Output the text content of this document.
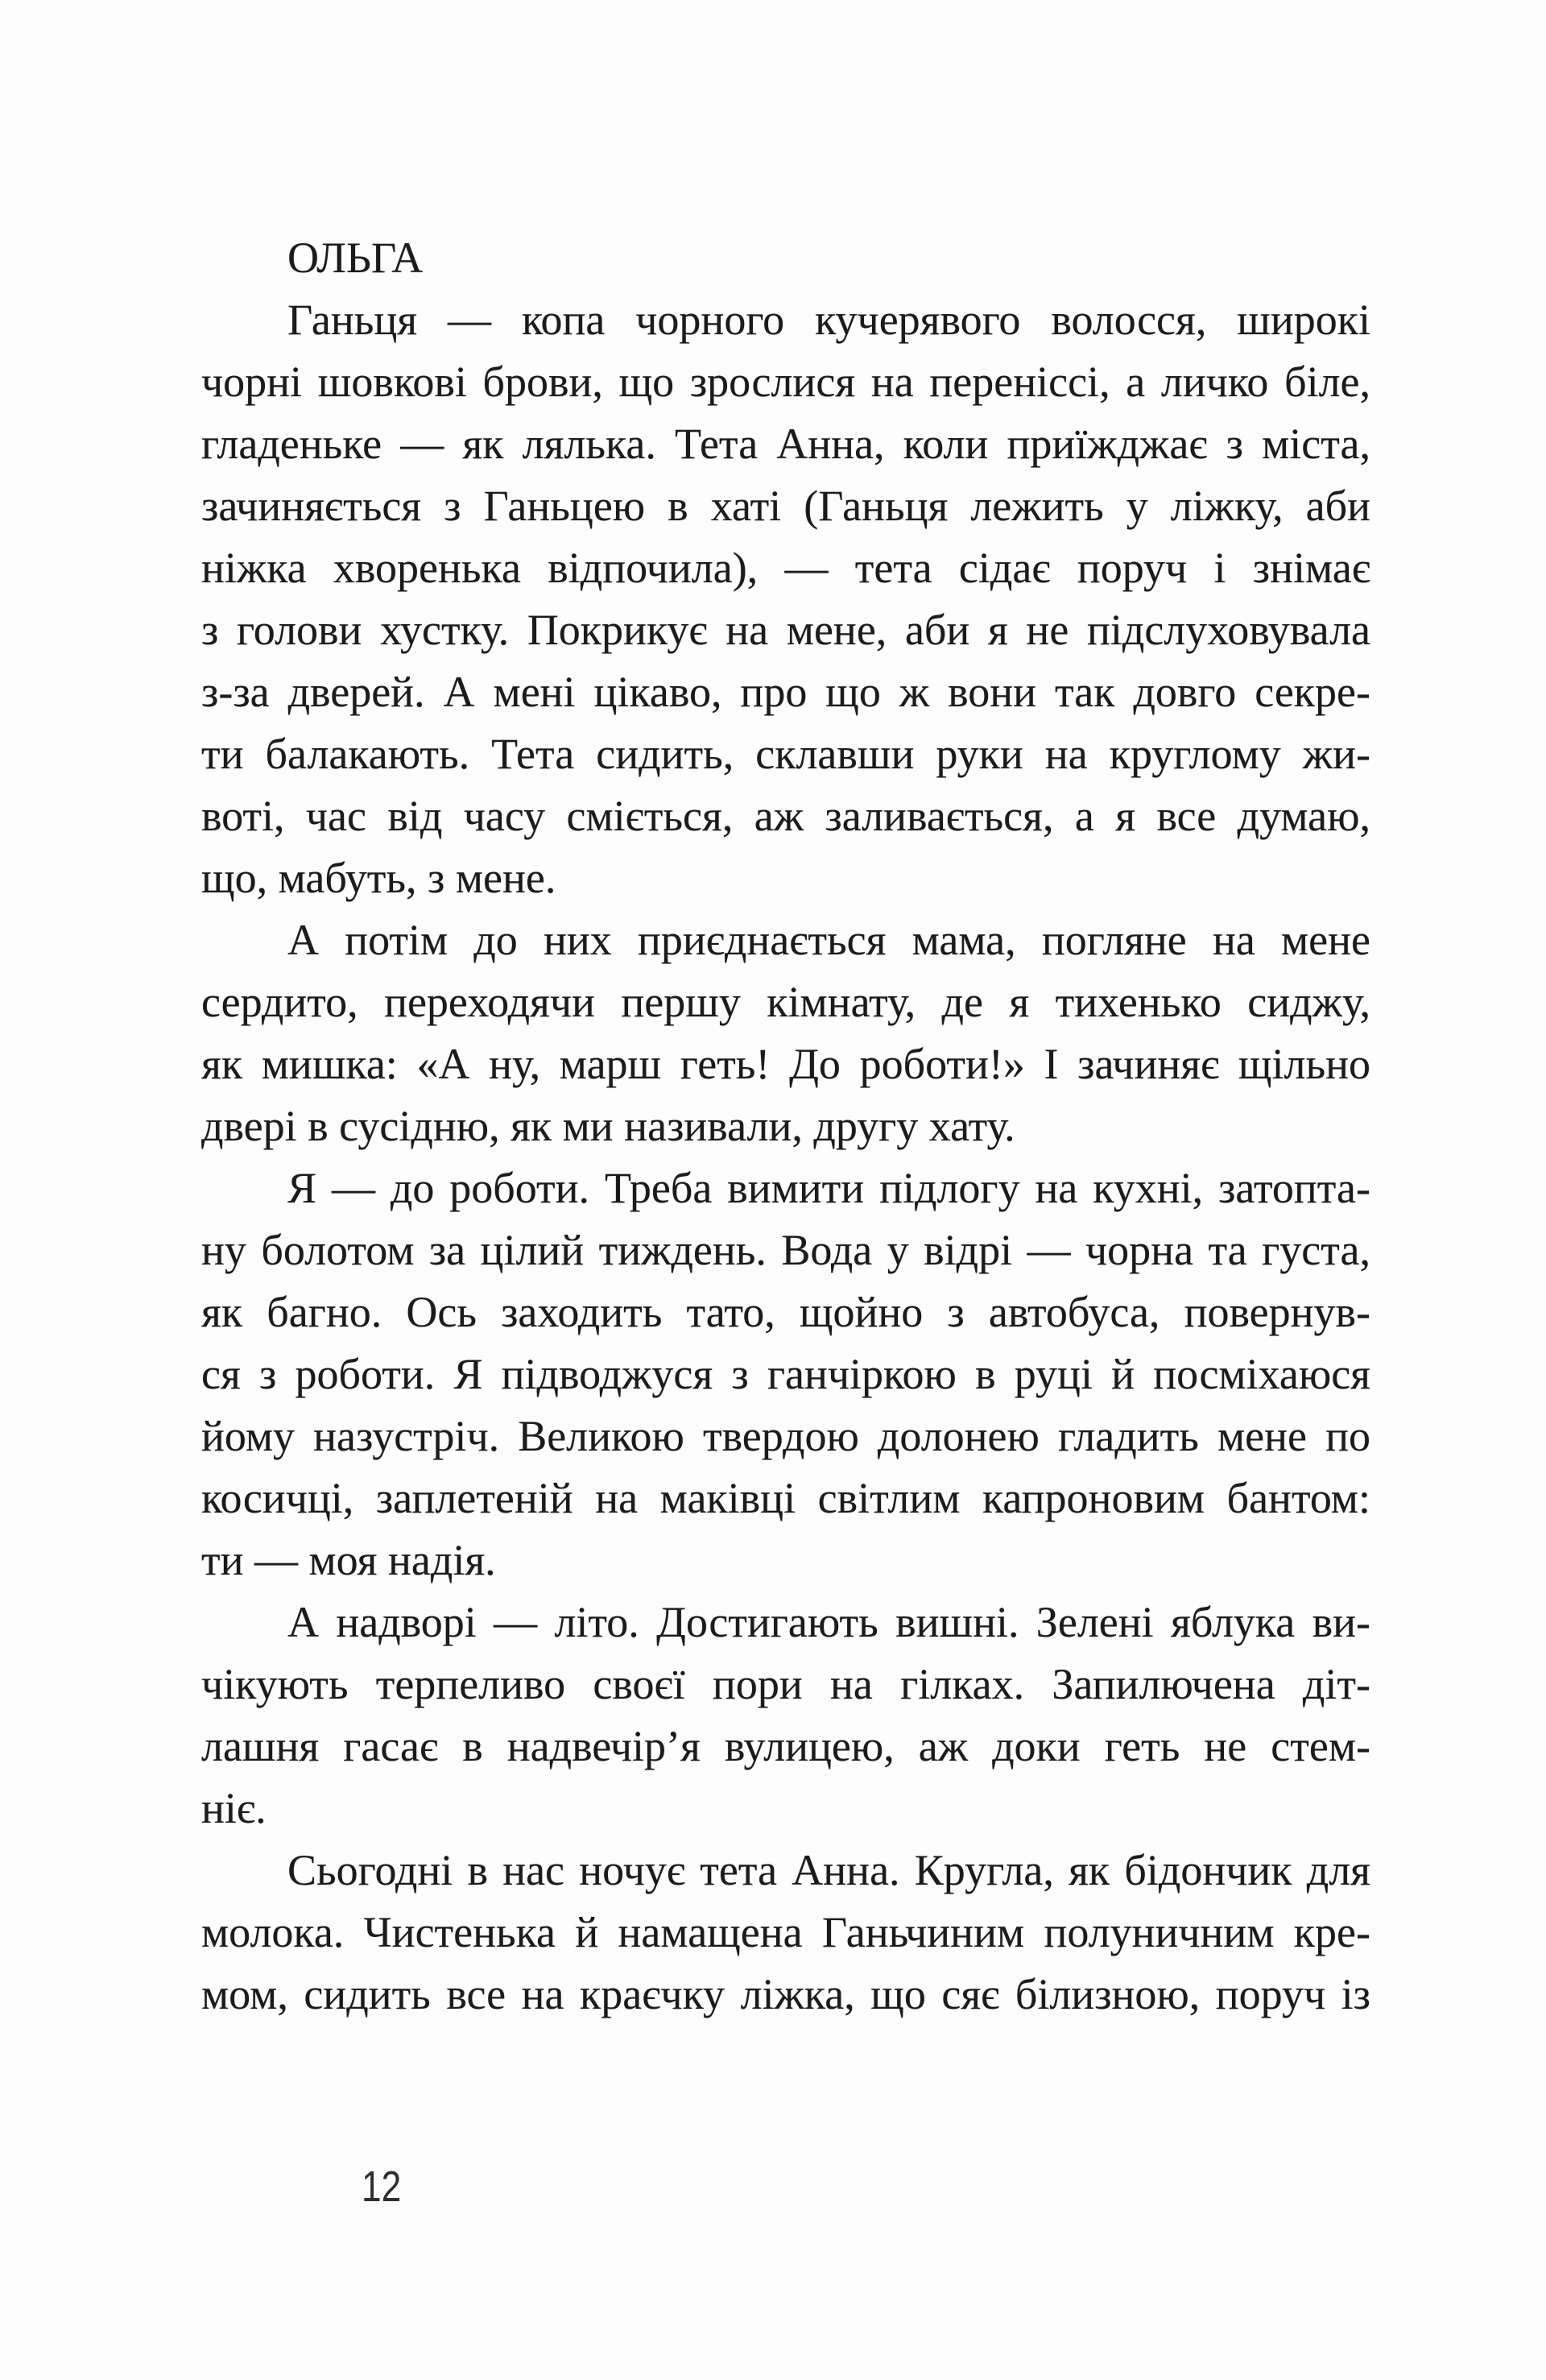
ОЛЬГА
Ганьця — копа чорного кучерявого волосся, широкі
чорні шовкові брови, що зрослися на переніссі, а личко біле,
гладеньке — як лялька. Тета Анна, коли приїжджає з міста,
зачиняється з Ганьцею в хаті (Ганьця лежить у ліжку, аби
ніжка хворенька відпочила), — тета сідає поруч і знімає
з голови хустку. Покрикує на мене, аби я не підслуховувала
з-за дверей. А мені цікаво, про що ж вони так довго секре-
ти балакають. Тета сидить, склавши руки на круглому жи-
воті, час від часу сміється, аж заливається, а я все думаю,
що, мабуть, з мене.
А потім до них приєднається мама, погляне на мене
сердито, переходячи першу кімнату, де я тихенько сиджу,
як мишка: «А ну, марш геть! До роботи!» І зачиняє щільно
двері в сусідню, як ми називали, другу хату.
Я — до роботи. Треба вимити підлогу на кухні, затопта-
ну болотом за цілий тиждень. Вода у відрі — чорна та густа,
як багно. Ось заходить тато, щойно з автобуса, повернув-
ся з роботи. Я підводжуся з ганчіркою в руці й посміхаюся
йому назустріч. Великою твердою долонею гладить мене по
косичці, заплетеній на маківці світлим капроновим бантом:
ти — моя надія.
А надворі — літо. Достигають вишні. Зелені яблука ви-
чікують терпеливо своєї пори на гілках. Запилючена діт-
лашня гасає в надвечір’я вулицею, аж доки геть не стем-
ніє.
Сьогодні в нас ночує тета Анна. Кругла, як бідончик для
молока. Чистенька й намащена Ганьчиним полуничним кре-
мом, сидить все на краєчку ліжка, що сяє білизною, поруч із
12
